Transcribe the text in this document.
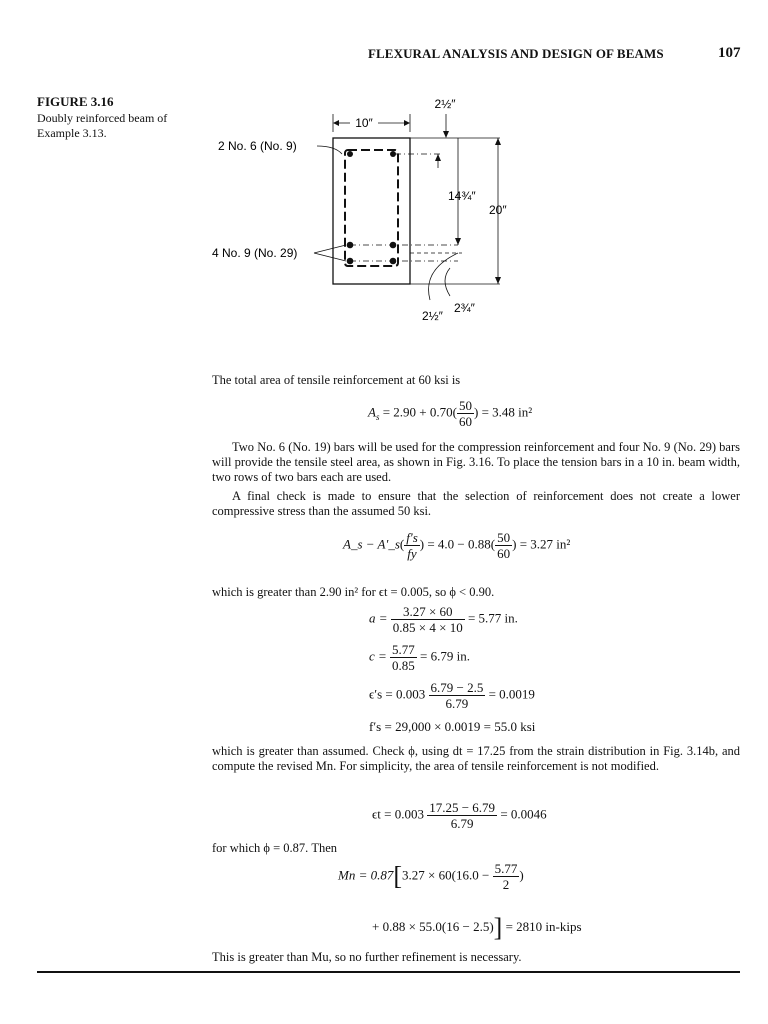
FLEXURAL ANALYSIS AND DESIGN OF BEAMS	107
FIGURE 3.16
Doubly reinforced beam of Example 3.13.
10″
2½″
14¾″
20″
2½″
2¾″
2 No. 6 (No. 9)
4 No. 9 (No. 29)
The total area of tensile reinforcement at 60 ksi is
$A_s = 2.90 + 0.70( \frac{50}{60}$ ) = 3.48 in²
Two No. 6 (No. 19) bars will be used for the compression reinforcement and four No. 9 (No. 29) bars will provide the tensile steel area, as shown in Fig. 3.16. To place the tension bars in a 10 in. beam width, two rows of two bars each are used.
A final check is made to ensure that the selection of reinforcement does not create a lower compressive stress than the assumed 50 ksi.
A_s − A′_s( $\frac{f's}{fy}$ ) = $4.0 - 0.88( \frac{50}{60}$ ) = 3.27 in²
which is greater than 2.90 in² for ϵt = 0.005, so ϕ < 0.90.
$a = \frac{3.27 \times 60}{0.85 \times 4 \times 10} = 5.77$ in.
$c = \frac{5.77}{0.85} = 6.79$ in.
$\epsilon's = 0.003 \frac{6.79 - 2.5}{6.79} = 0.0019$
f′s = 29,000 × 0.0019 = 55.0 ksi
which is greater than assumed. Check ϕ, using dt = 17.25 from the strain distribution in Fig. 3.14b, and compute the revised Mn. For simplicity, the area of tensile reinforcement is not modified.
$\epsilon t = 0.003 \frac{17.25 - 6.79}{6.79} = 0.0046$
for which ϕ = 0.87. Then
$Mn = 0.87[3.27 \times 60(16.0 - \frac{5.77}{2}$ )
+ 0.88 × 55.0(16 − 2.5)] = 2810 in-kips
This is greater than Mu, so no further refinement is necessary.
